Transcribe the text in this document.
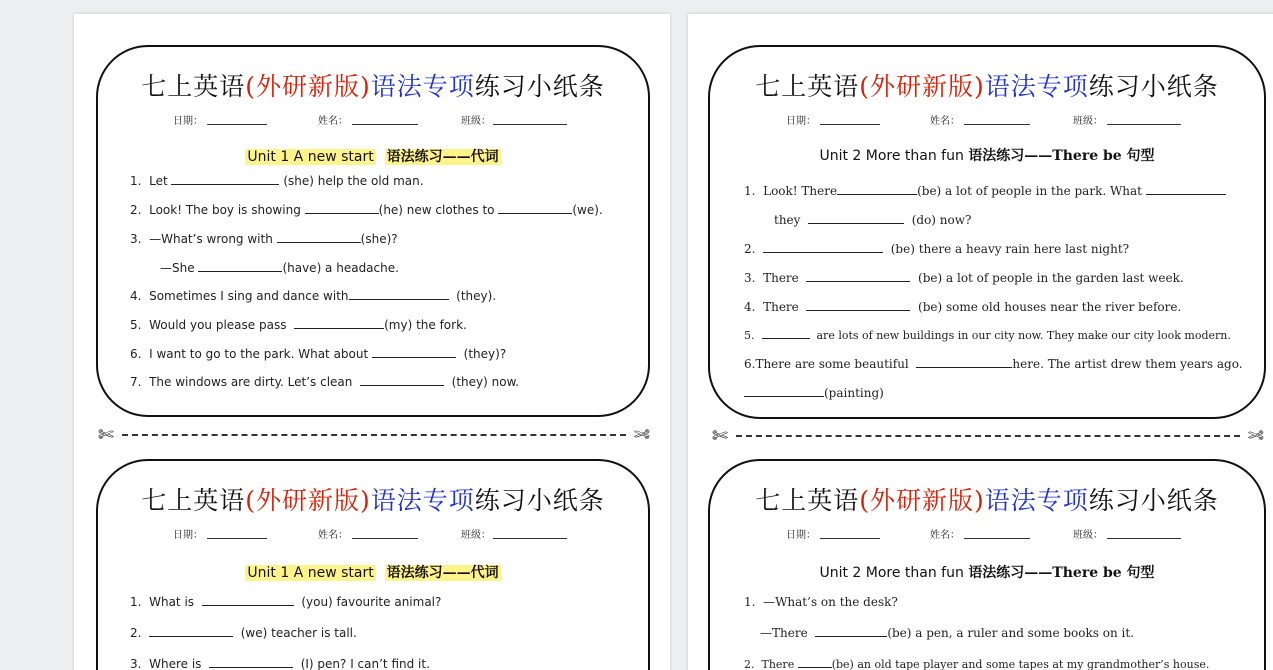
七上英语(外研新版)语法专项练习小纸条
日期：	姓名：	班级：
Unit 1 A new start 语法练习——代词
1. Let	(she) help the old man.
2. Look! The boy is showing	(he) new clothes to	(we).
3. —What’s wrong with	(she)?
—She	(have) a headache.
4. Sometimes I sing and dance with	(they).
5. Would you please pass	(my) the fork.
6. I want to go to the park. What about	(they)?
7. The windows are dirty. Let’s clean	(they) now.
✄	✄
七上英语(外研新版)语法专项练习小纸条
日期：	姓名：	班级：
Unit 1 A new start 语法练习——代词
1. What is	(you) favourite animal?
2.	(we) teacher is tall.
3. Where is	(I) pen? I can’t find it.
七上英语(外研新版)语法专项练习小纸条
日期：	姓名：	班级：
Unit 2 More than fun 语法练习——There be 句型
1. Look! There	(be) a lot of people in the park. What
they	(do) now?
2.	(be) there a heavy rain here last night?
3. There	(be) a lot of people in the garden last week.
4. There	(be) some old houses near the river before.
5.	are lots of new buildings in our city now. They make our city look modern.
6.There are some beautiful	here. The artist drew them years ago.
(painting)
✄	✄
七上英语(外研新版)语法专项练习小纸条
日期：	姓名：	班级：
Unit 2 More than fun 语法练习——There be 句型
1. —What’s on the desk?
—There	(be) a pen, a ruler and some books on it.
2. There	(be) an old tape player and some tapes at my grandmother’s house.
